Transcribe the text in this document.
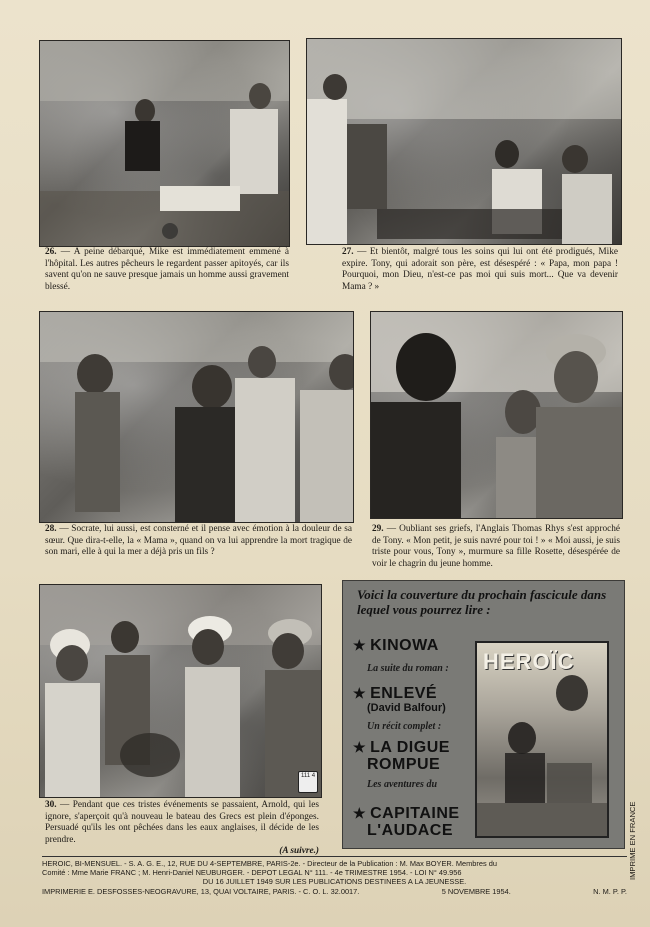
26. — A peine débarqué, Mike est immédiatement emmené à l'hôpital. Les autres pêcheurs le regardent passer apitoyés, car ils savent qu'on ne sauve presque jamais un homme aussi gravement blessé.

27. — Et bientôt, malgré tous les soins qui lui ont été prodigués, Mike expire. Tony, qui adorait son père, est désespéré : « Papa, mon papa ! Pourquoi, mon Dieu, n'est-ce pas moi qui suis mort... Que va devenir Mama ? »

28. — Socrate, lui aussi, est consterné et il pense avec émotion à la douleur de sa sœur. Que dira-t-elle, la « Mama », quand on va lui apprendre la mort tragique de son mari, elle à qui la mer a déjà pris un fils ?

29. — Oubliant ses griefs, l'Anglais Thomas Rhys s'est approché de Tony. « Mon petit, je suis navré pour toi ! » « Moi aussi, je suis triste pour vous, Tony », murmure sa fille Rosette, désespérée de voir le chagrin du jeune homme.

111 4
30. — Pendant que ces tristes événements se passaient, Arnold, qui les ignore, s'aperçoit qu'à nouveau le bateau des Grecs est plein d'éponges. Persuadé qu'ils les ont pêchées dans les eaux anglaises, il décide de les prendre.
(A suivre.)
Voici la couverture du prochain fascicule dans lequel vous pourrez lire :
★ KINOWA
La suite du roman :
★ ENLEVÉ
(David Balfour)
Un récit complet :
★ LA DIGUE
ROMPUE
Les aventures du
★ CAPITAINE
L'AUDACE
HEROÏC
HEROIC, BI-MENSUEL. - S. A. G. E., 12, RUE DU 4-SEPTEMBRE, PARIS-2e. - Directeur de la Publication : M. Max BOYER. Membres du
Comité : Mme Marie FRANC ; M. Henri-Daniel NEUBURGER. - DEPOT LEGAL N° 111. - 4e TRIMESTRE 1954. - LOI N° 49.956
DU 16 JUILLET 1949 SUR LES PUBLICATIONS DESTINEES A LA JEUNESSE.
IMPRIMERIE E. DESFOSSES-NEOGRAVURE, 13, QUAI VOLTAIRE, PARIS. - C. O. L. 32.0017.	5 NOVEMBRE 1954.	N. M. P. P.
IMPRIME EN FRANCE
